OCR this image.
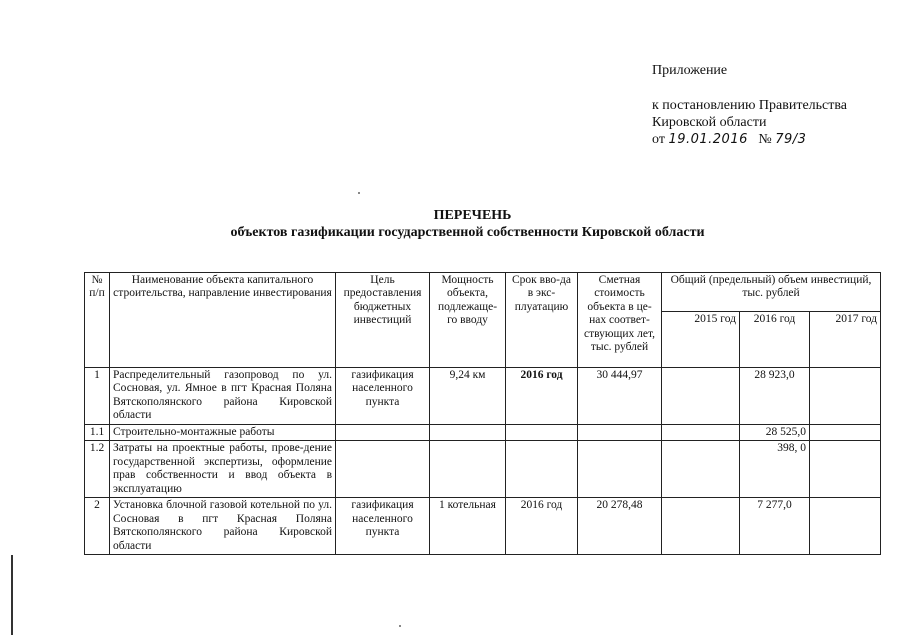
Приложение
к постановлению Правительства
Кировской области
от 19.01.2016 № 79/3
ПЕРЕЧЕНЬ
объектов газификации государственной собственности Кировской области
№ п/п	Наименование объекта капитального строительства, направление инвестирования	Цель предоставления бюджетных инвестиций	Мощность объекта, подлежаще-го вводу	Срок вво-да в экс-плуатацию	Сметная стоимость объекта в це-нах соответ-ствующих лет, тыс. рублей	Общий (предельный) объем инвестиций, тыс. рублей		
						2015 год	2016 год	2017 год
1	Распределительный газопровод по ул. Сосновая, ул. Ямное в пгт Красная Поляна Вятскополянского района Кировской области	газификация населенного пункта	9,24 км	2016 год	30 444,97		28 923,0	
1.1	Строительно-монтажные работы						28 525,0	
1.2	Затраты на проектные работы, прове-дение государственной экспертизы, оформление прав собственности и ввод объекта в эксплуатацию						398, 0	
2	Установка блочной газовой котельной по ул. Сосновая в пгт Красная Поляна Вятскополянского района Кировской области	газификация населенного пункта	1 котельная	2016 год	20 278,48		7 277,0	
